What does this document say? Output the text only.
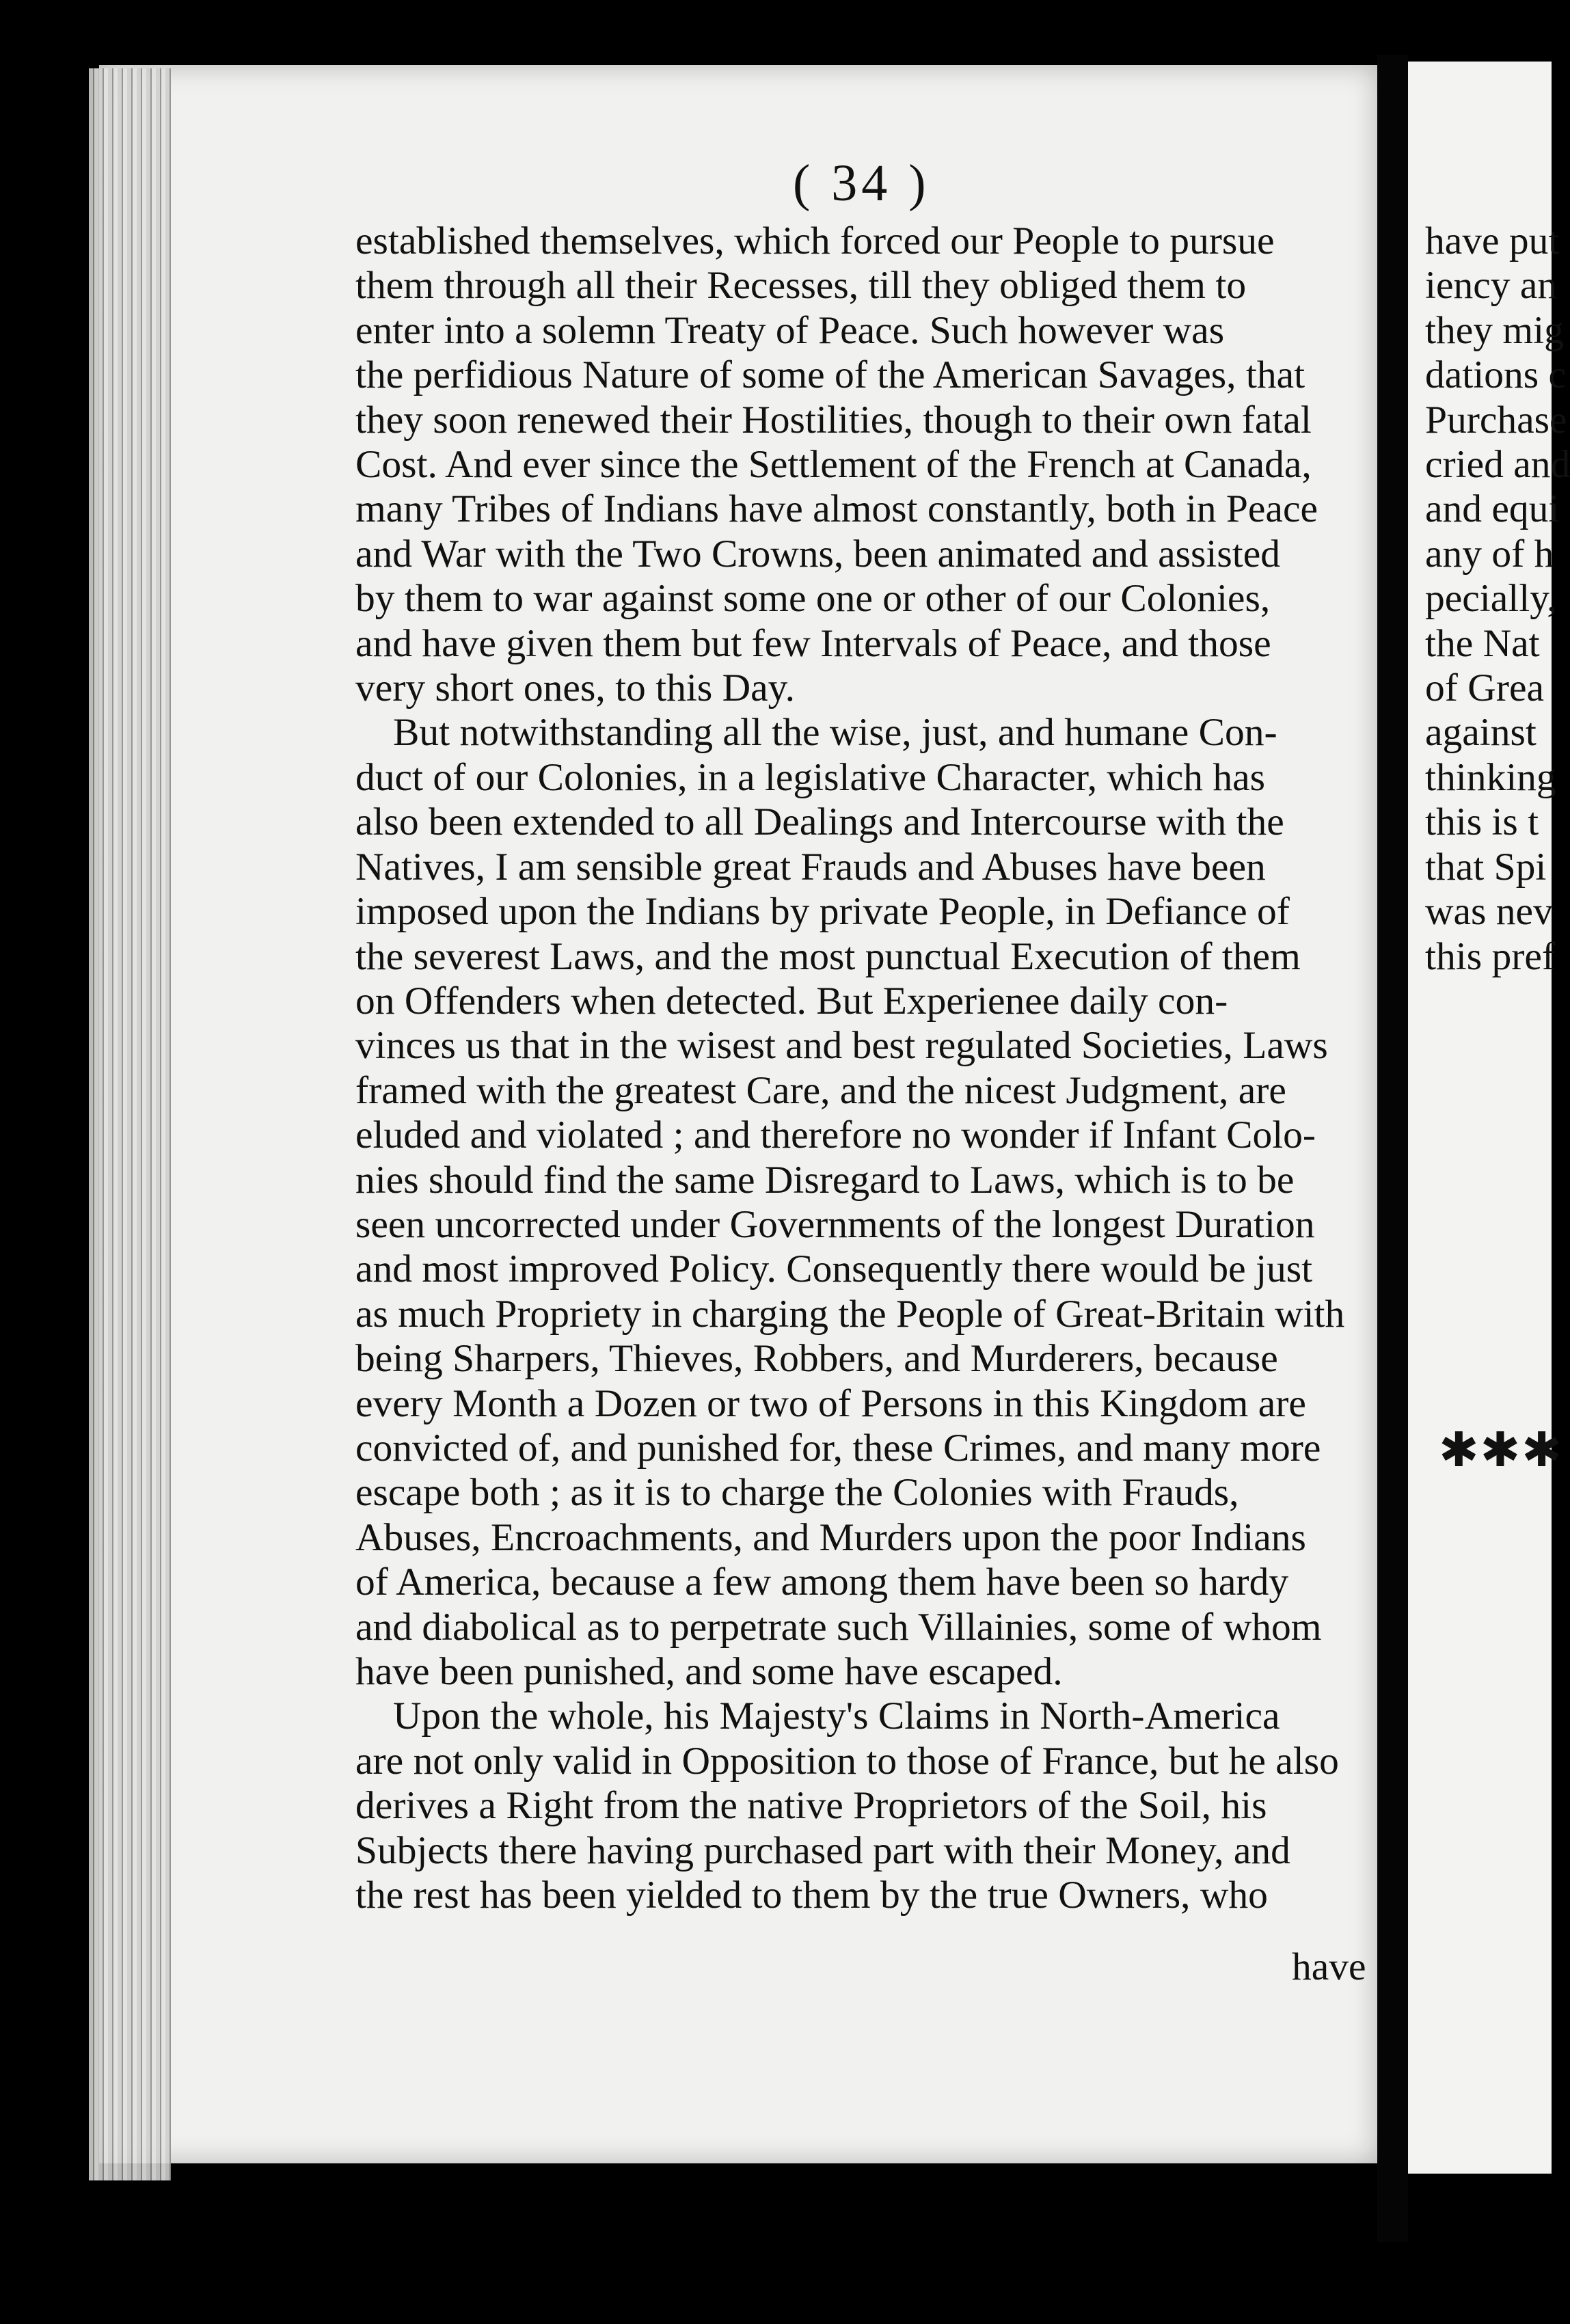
( 34 )
established themselves, which forced our People to pursue
them through all their Recesses, till they obliged them to
enter into a solemn Treaty of Peace. Such however was
the perfidious Nature of some of the American Savages, that
they soon renewed their Hostilities, though to their own fatal
Cost. And ever since the Settlement of the French at Canada,
many Tribes of Indians have almost constantly, both in Peace
and War with the Two Crowns, been animated and assisted
by them to war against some one or other of our Colonies,
and have given them but few Intervals of Peace, and those
very short ones, to this Day.
But notwithstanding all the wise, just, and humane Con-
duct of our Colonies, in a legislative Character, which has
also been extended to all Dealings and Intercourse with the
Natives, I am sensible great Frauds and Abuses have been
imposed upon the Indians by private People, in Defiance of
the severest Laws, and the most punctual Execution of them
on Offenders when detected. But Experienee daily con-
vinces us that in the wisest and best regulated Societies, Laws
framed with the greatest Care, and the nicest Judgment, are
eluded and violated ; and therefore no wonder if Infant Colo-
nies should find the same Disregard to Laws, which is to be
seen uncorrected under Governments of the longest Duration
and most improved Policy. Consequently there would be just
as much Propriety in charging the People of Great-Britain with
being Sharpers, Thieves, Robbers, and Murderers, because
every Month a Dozen or two of Persons in this Kingdom are
convicted of, and punished for, these Crimes, and many more
escape both ; as it is to charge the Colonies with Frauds,
Abuses, Encroachments, and Murders upon the poor Indians
of America, because a few among them have been so hardy
and diabolical as to perpetrate such Villainies, some of whom
have been punished, and some have escaped.
Upon the whole, his Majesty's Claims in North-America
are not only valid in Opposition to those of France, but he also
derives a Right from the native Proprietors of the Soil, his
Subjects there having purchased part with their Money, and
the rest has been yielded to them by the true Owners, who
have
have put
iency an
they mig
dations c
Purchase
cried and
and equi
any of h
pecially,
the Nat
of Grea
against
thinking
this is t
that Spi
was nev
this pref
✱✱✱
